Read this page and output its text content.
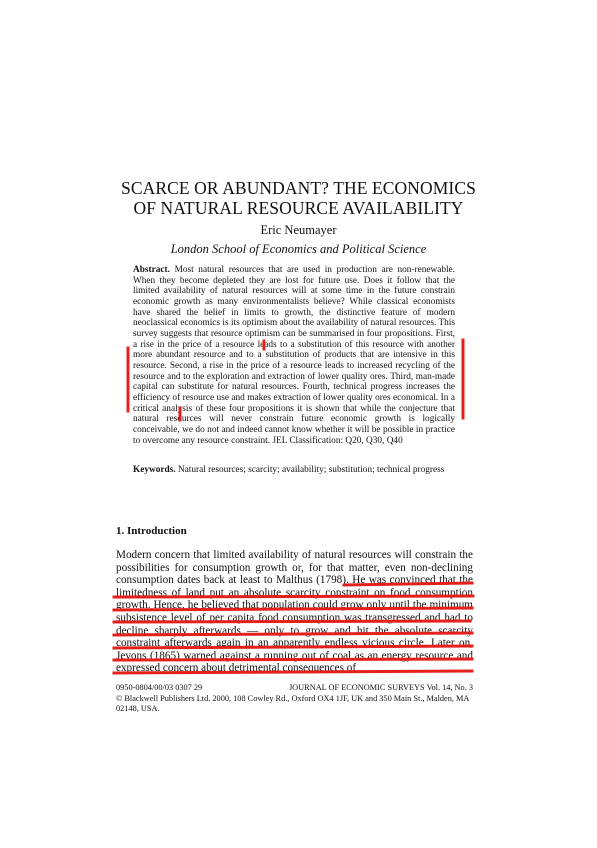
SCARCE OR ABUNDANT? THE ECONOMICS
OF NATURAL RESOURCE AVAILABILITY
Eric Neumayer
London School of Economics and Political Science
Abstract. Most natural resources that are used in production are non-renewable. When they become depleted they are lost for future use. Does it follow that the limited availability of natural resources will at some time in the future constrain economic growth as many environmentalists believe? While classical economists have shared the belief in limits to growth, the distinctive feature of modern neoclassical economics is its optimism about the availability of natural resources. This survey suggests that resource optimism can be summarised in four propositions. First, a rise in the price of a resource leads to a substitution of this resource with another more abundant resource and to a substitution of products that are intensive in this resource. Second, a rise in the price of a resource leads to increased recycling of the resource and to the exploration and extraction of lower quality ores. Third, man-made capital can substitute for natural resources. Fourth, technical progress increases the efficiency of resource use and makes extraction of lower quality ores economical. In a critical analysis of these four propositions it is shown that while the conjecture that natural resources will never constrain future economic growth is logically conceivable, we do not and indeed cannot know whether it will be possible in practice to overcome any resource constraint. JEL Classification: Q20, Q30, Q40
Keywords. Natural resources; scarcity; availability; substitution; technical progress
1. Introduction
Modern concern that limited availability of natural resources will constrain the possibilities for consumption growth or, for that matter, even non-declining consumption dates back at least to Malthus (1798). He was convinced that the limitedness of land put an absolute scarcity constraint on food consumption growth. Hence, he believed that population could grow only until the minimum subsistence level of per capita food consumption was transgressed and had to decline sharply afterwards — only to grow and hit the absolute scarcity constraint afterwards again in an apparently endless vicious circle. Later on, Jevons (1865) warned against a running out of coal as an energy resource and expressed concern about detrimental consequences of
0950-0804/00/03 0307 29	JOURNAL OF ECONOMIC SURVEYS Vol. 14, No. 3
© Blackwell Publishers Ltd. 2000, 108 Cowley Rd., Oxford OX4 1JF, UK and 350 Main St., Malden, MA 02148, USA.
